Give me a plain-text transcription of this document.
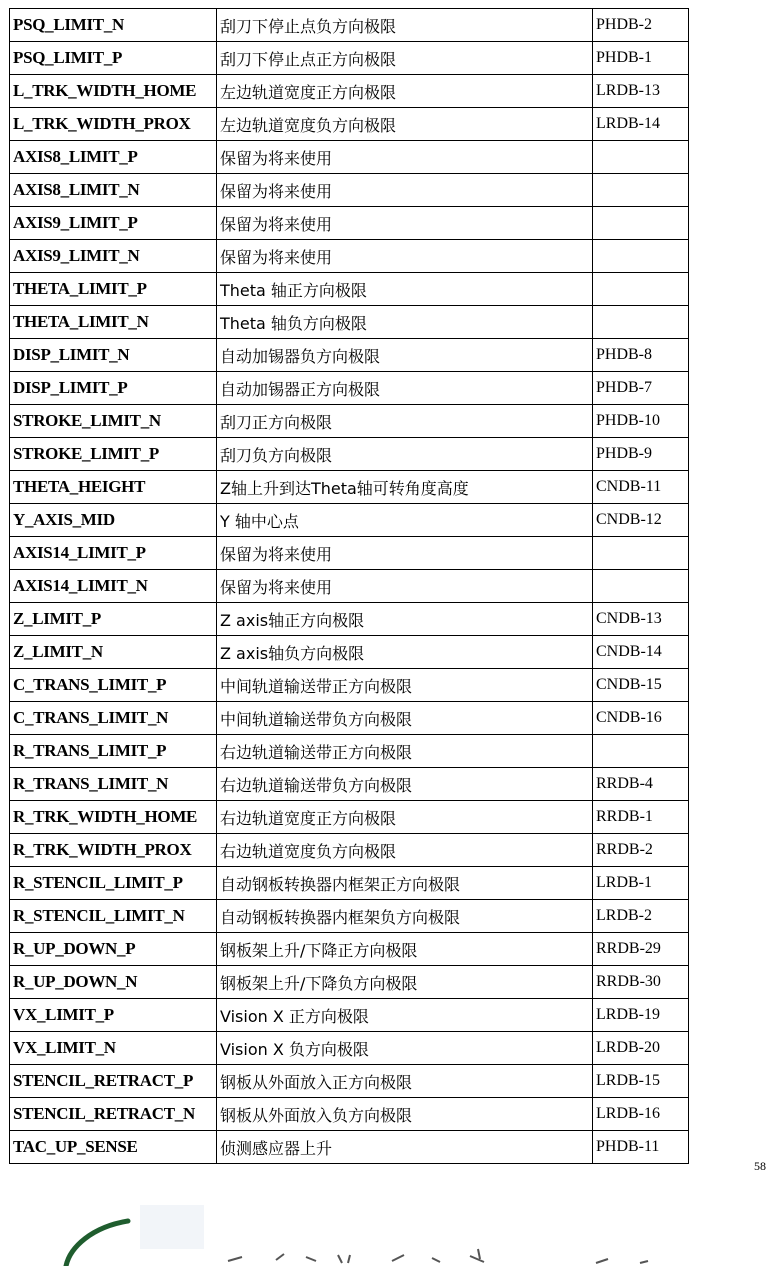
PSQ_LIMIT_N	刮刀下停止点负方向极限	PHDB-2
PSQ_LIMIT_P	刮刀下停止点正方向极限	PHDB-1
L_TRK_WIDTH_HOME	左边轨道宽度正方向极限	LRDB-13
L_TRK_WIDTH_PROX	左边轨道宽度负方向极限	LRDB-14
AXIS8_LIMIT_P	保留为将来使用	
AXIS8_LIMIT_N	保留为将来使用	
AXIS9_LIMIT_P	保留为将来使用	
AXIS9_LIMIT_N	保留为将来使用	
THETA_LIMIT_P	Theta 轴正方向极限	
THETA_LIMIT_N	Theta 轴负方向极限	
DISP_LIMIT_N	自动加锡器负方向极限	PHDB-8
DISP_LIMIT_P	自动加锡器正方向极限	PHDB-7
STROKE_LIMIT_N	刮刀正方向极限	PHDB-10
STROKE_LIMIT_P	刮刀负方向极限	PHDB-9
THETA_HEIGHT	Z轴上升到达Theta轴可转角度高度	CNDB-11
Y_AXIS_MID	Y 轴中心点	CNDB-12
AXIS14_LIMIT_P	保留为将来使用	
AXIS14_LIMIT_N	保留为将来使用	
Z_LIMIT_P	Z axis轴正方向极限	CNDB-13
Z_LIMIT_N	Z axis轴负方向极限	CNDB-14
C_TRANS_LIMIT_P	中间轨道输送带正方向极限	CNDB-15
C_TRANS_LIMIT_N	中间轨道输送带负方向极限	CNDB-16
R_TRANS_LIMIT_P	右边轨道输送带正方向极限	
R_TRANS_LIMIT_N	右边轨道输送带负方向极限	RRDB-4
R_TRK_WIDTH_HOME	右边轨道宽度正方向极限	RRDB-1
R_TRK_WIDTH_PROX	右边轨道宽度负方向极限	RRDB-2
R_STENCIL_LIMIT_P	自动钢板转换器内框架正方向极限	LRDB-1
R_STENCIL_LIMIT_N	自动钢板转换器内框架负方向极限	LRDB-2
R_UP_DOWN_P	钢板架上升/下降正方向极限	RRDB-29
R_UP_DOWN_N	钢板架上升/下降负方向极限	RRDB-30
VX_LIMIT_P	Vision X 正方向极限	LRDB-19
VX_LIMIT_N	Vision X 负方向极限	LRDB-20
STENCIL_RETRACT_P	钢板从外面放入正方向极限	LRDB-15
STENCIL_RETRACT_N	钢板从外面放入负方向极限	LRDB-16
TAC_UP_SENSE	侦测感应器上升	PHDB-11
58
